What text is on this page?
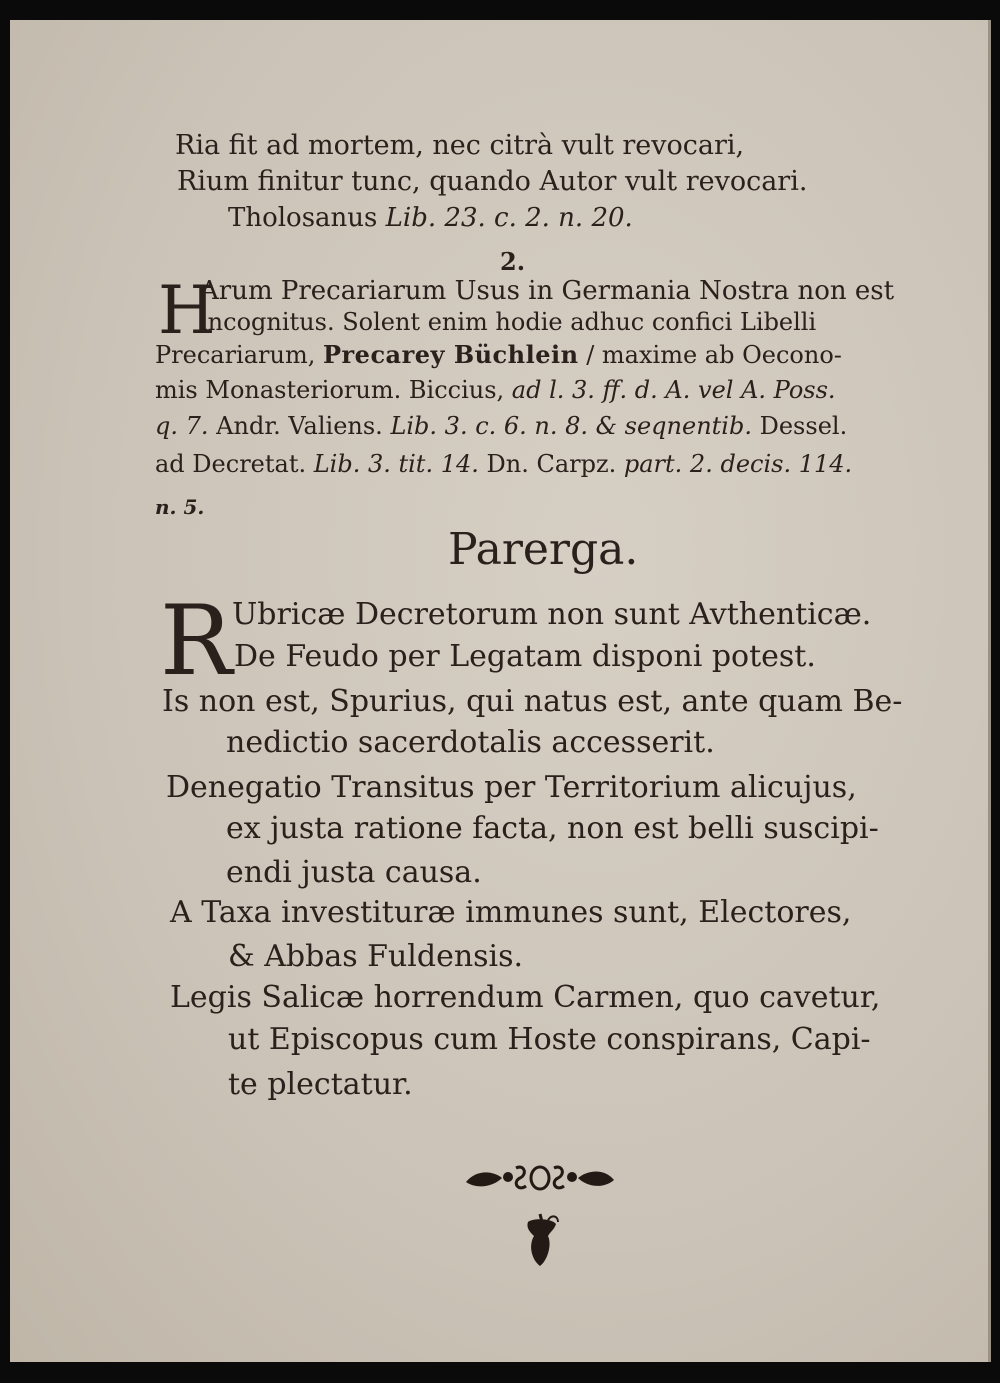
Ria fit ad mortem, nec citrà vult revocari,
Rium finitur tunc, quando Autor vult revocari.
Tholosanus Lib. 23. c. 2. n. 20.
2.
H
Arum Precariarum Usus in Germania Nostra non est
incognitus. Solent enim hodie adhuc confici Libelli
Precariarum, Precarey Büchlein / maxime ab Oecono-
mis Monasteriorum. Biccius, ad l. 3. ff. d. A. vel A. Poss.
q. 7. Andr. Valiens. Lib. 3. c. 6. n. 8. & seqnentib. Dessel.
ad Decretat. Lib. 3. tit. 14. Dn. Carpz. part. 2. decis. 114.
n. 5.
Parerga.
R Ubricæ Decretorum non sunt Avthenticæ.
De Feudo per Legatam disponi potest.
Is non est, Spurius, qui natus est, ante quam Be-
nedictio sacerdotalis accesserit.
Denegatio Transitus per Territorium alicujus,
ex justa ratione facta, non est belli suscipi-
endi justa causa.
A Taxa investituræ immunes sunt, Electores,
& Abbas Fuldensis.
Legis Salicæ horrendum Carmen, quo cavetur,
ut Episcopus cum Hoste conspirans, Capi-
te plectatur.
